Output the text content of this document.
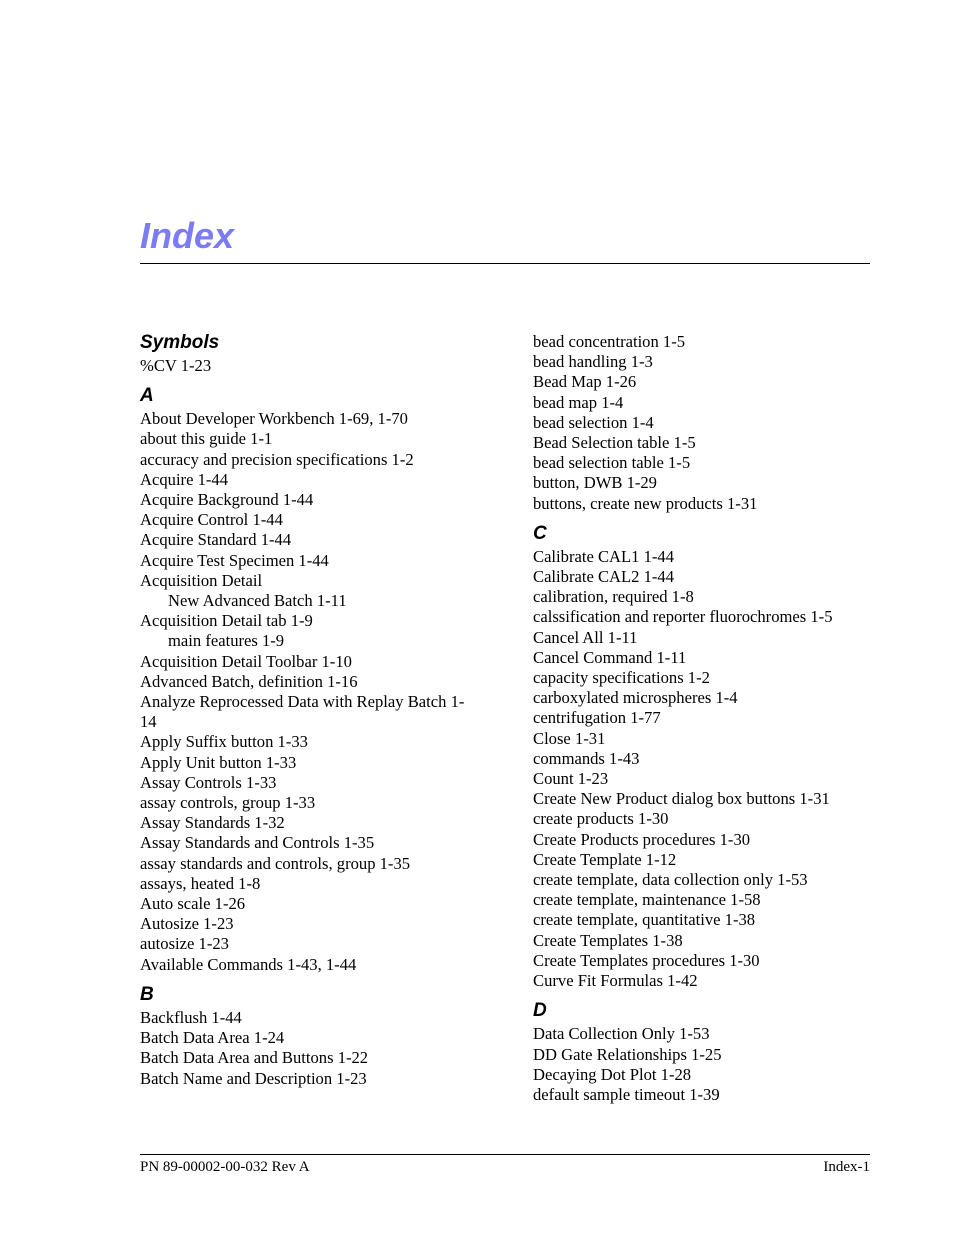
Index
Symbols
%CV 1-23
A
About Developer Workbench 1-69, 1-70
about this guide 1-1
accuracy and precision specifications 1-2
Acquire 1-44
Acquire Background 1-44
Acquire Control 1-44
Acquire Standard 1-44
Acquire Test Specimen 1-44
Acquisition Detail
New Advanced Batch 1-11
Acquisition Detail tab 1-9
main features 1-9
Acquisition Detail Toolbar 1-10
Advanced Batch, definition 1-16
Analyze Reprocessed Data with Replay Batch 1-
14
Apply Suffix button 1-33
Apply Unit button 1-33
Assay Controls 1-33
assay controls, group 1-33
Assay Standards 1-32
Assay Standards and Controls 1-35
assay standards and controls, group 1-35
assays, heated 1-8
Auto scale 1-26
Autosize 1-23
autosize 1-23
Available Commands 1-43, 1-44
B
Backflush 1-44
Batch Data Area 1-24
Batch Data Area and Buttons 1-22
Batch Name and Description 1-23
bead concentration 1-5
bead handling 1-3
Bead Map 1-26
bead map 1-4
bead selection 1-4
Bead Selection table 1-5
bead selection table 1-5
button, DWB 1-29
buttons, create new products 1-31
C
Calibrate CAL1 1-44
Calibrate CAL2 1-44
calibration, required 1-8
calssification and reporter fluorochromes 1-5
Cancel All 1-11
Cancel Command 1-11
capacity specifications 1-2
carboxylated microspheres 1-4
centrifugation 1-77
Close 1-31
commands 1-43
Count 1-23
Create New Product dialog box buttons 1-31
create products 1-30
Create Products procedures 1-30
Create Template 1-12
create template, data collection only 1-53
create template, maintenance 1-58
create template, quantitative 1-38
Create Templates 1-38
Create Templates procedures 1-30
Curve Fit Formulas 1-42
D
Data Collection Only 1-53
DD Gate Relationships 1-25
Decaying Dot Plot 1-28
default sample timeout 1-39
PN 89-00002-00-032 Rev A	Index-1
